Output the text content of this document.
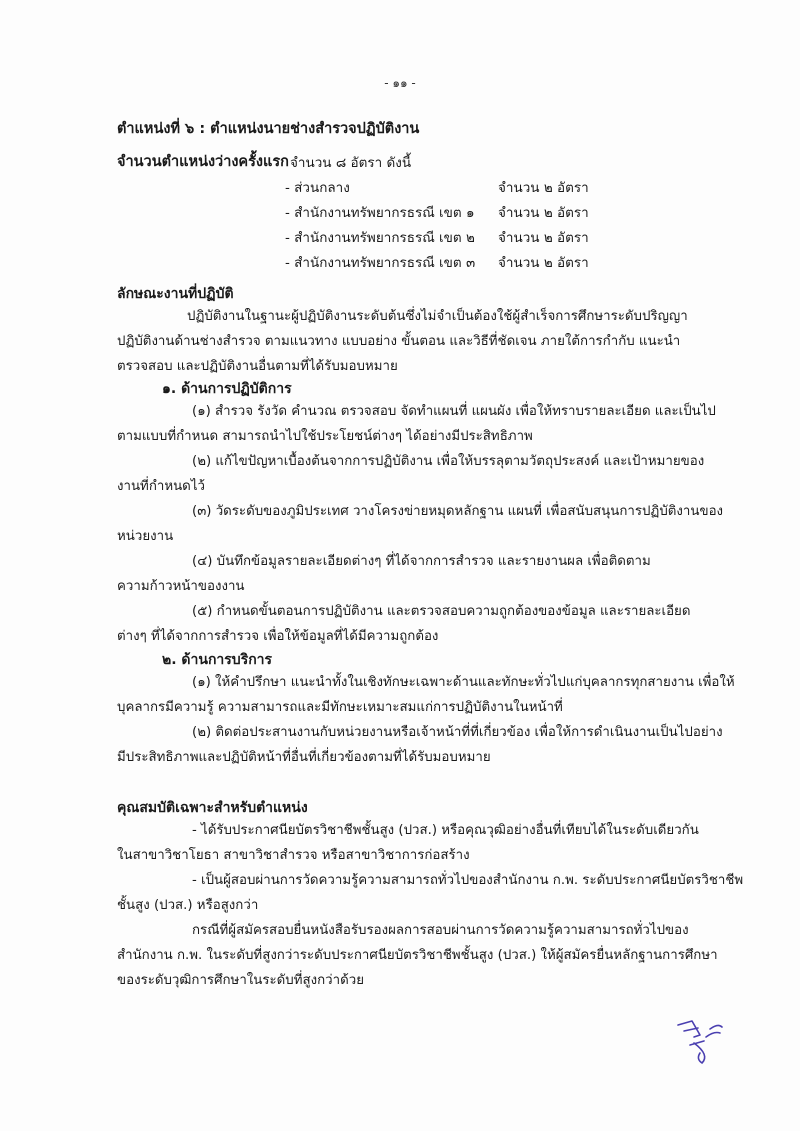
- ๑๑ -
ตำแหน่งที่ ๖ : ตำแหน่งนายช่างสำรวจปฏิบัติงาน
จำนวนตำแหน่งว่างครั้งแรก จำนวน ๘ อัตรา ดังนี้
- ส่วนกลาง	จำนวน ๒ อัตรา
- สำนักงานทรัพยากรธรณี เขต ๑ จำนวน ๒ อัตรา
- สำนักงานทรัพยากรธรณี เขต ๒ จำนวน ๒ อัตรา
- สำนักงานทรัพยากรธรณี เขต ๓ จำนวน ๒ อัตรา
ลักษณะงานที่ปฏิบัติ
ปฏิบัติงานในฐานะผู้ปฏิบัติงานระดับต้นซึ่งไม่จำเป็นต้องใช้ผู้สำเร็จการศึกษาระดับปริญญา
ปฏิบัติงานด้านช่างสำรวจ ตามแนวทาง แบบอย่าง ขั้นตอน และวิธีที่ชัดเจน ภายใต้การกำกับ แนะนำ
ตรวจสอบ และปฏิบัติงานอื่นตามที่ได้รับมอบหมาย
๑. ด้านการปฏิบัติการ
(๑) สำรวจ รังวัด คำนวณ ตรวจสอบ จัดทำแผนที่ แผนผัง เพื่อให้ทราบรายละเอียด และเป็นไป
ตามแบบที่กำหนด สามารถนำไปใช้ประโยชน์ต่างๆ ได้อย่างมีประสิทธิภาพ
(๒) แก้ไขปัญหาเบื้องต้นจากการปฏิบัติงาน เพื่อให้บรรลุตามวัตถุประสงค์ และเป้าหมายของ
งานที่กำหนดไว้
(๓) วัดระดับของภูมิประเทศ วางโครงข่ายหมุดหลักฐาน แผนที่ เพื่อสนับสนุนการปฏิบัติงานของ
หน่วยงาน
(๔) บันทึกข้อมูลรายละเอียดต่างๆ ที่ได้จากการสำรวจ และรายงานผล เพื่อติดตาม
ความก้าวหน้าของงาน
(๕) กำหนดขั้นตอนการปฏิบัติงาน และตรวจสอบความถูกต้องของข้อมูล และรายละเอียด
ต่างๆ ที่ได้จากการสำรวจ เพื่อให้ข้อมูลที่ได้มีความถูกต้อง
๒. ด้านการบริการ
(๑) ให้คำปรึกษา แนะนำทั้งในเชิงทักษะเฉพาะด้านและทักษะทั่วไปแก่บุคลากรทุกสายงาน เพื่อให้
บุคลากรมีความรู้ ความสามารถและมีทักษะเหมาะสมแก่การปฏิบัติงานในหน้าที่
(๒) ติดต่อประสานงานกับหน่วยงานหรือเจ้าหน้าที่ที่เกี่ยวข้อง เพื่อให้การดำเนินงานเป็นไปอย่าง
มีประสิทธิภาพและปฏิบัติหน้าที่อื่นที่เกี่ยวข้องตามที่ได้รับมอบหมาย
คุณสมบัติเฉพาะสำหรับตำแหน่ง
- ได้รับประกาศนียบัตรวิชาชีพชั้นสูง (ปวส.) หรือคุณวุฒิอย่างอื่นที่เทียบได้ในระดับเดียวกัน
ในสาขาวิชาโยธา สาขาวิชาสำรวจ หรือสาขาวิชาการก่อสร้าง
- เป็นผู้สอบผ่านการวัดความรู้ความสามารถทั่วไปของสำนักงาน ก.พ. ระดับประกาศนียบัตรวิชาชีพ
ชั้นสูง (ปวส.) หรือสูงกว่า
กรณีที่ผู้สมัครสอบยื่นหนังสือรับรองผลการสอบผ่านการวัดความรู้ความสามารถทั่วไปของ
สำนักงาน ก.พ. ในระดับที่สูงกว่าระดับประกาศนียบัตรวิชาชีพชั้นสูง (ปวส.) ให้ผู้สมัครยื่นหลักฐานการศึกษา
ของระดับวุฒิการศึกษาในระดับที่สูงกว่าด้วย
